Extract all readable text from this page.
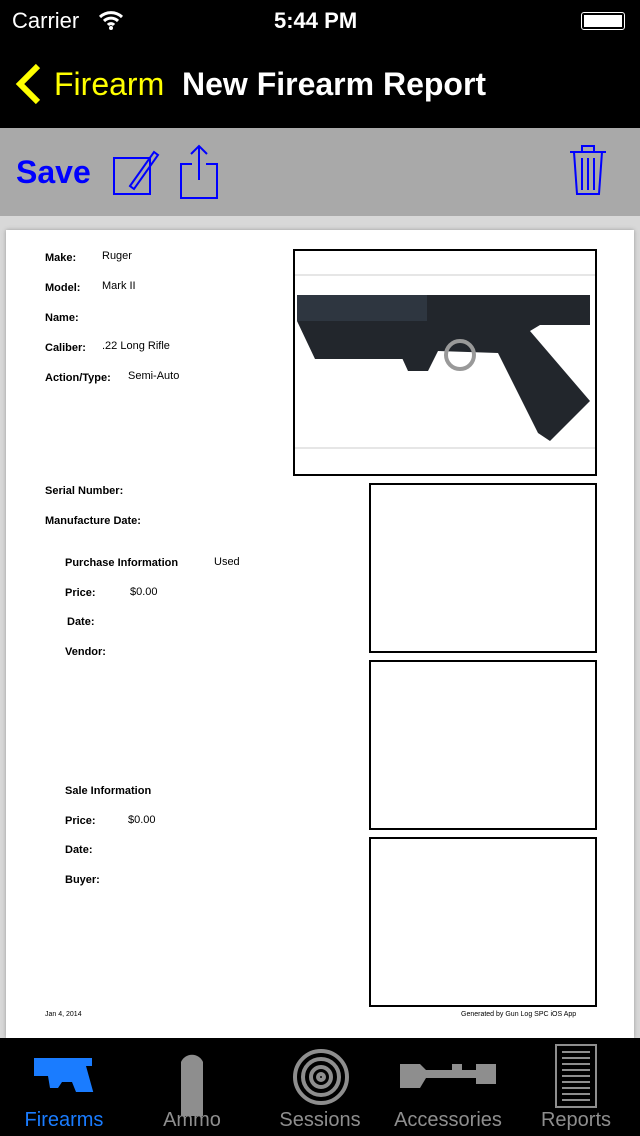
Carrier	5:44 PM
Firearm New Firearm Report
Save
Make: Ruger
Model: Mark II
Name:
Caliber: .22 Long Rifle
Action/Type: Semi-Auto
Serial Number:
Manufacture Date:
Purchase Information	Used
Price:	$0.00
Date:
Vendor:
Sale Information
Price:	$0.00
Date:
Buyer:
Jan 4, 2014	Generated by Gun Log SPC iOS App
Firearms	Ammo	Sessions	Accessories	Reports
